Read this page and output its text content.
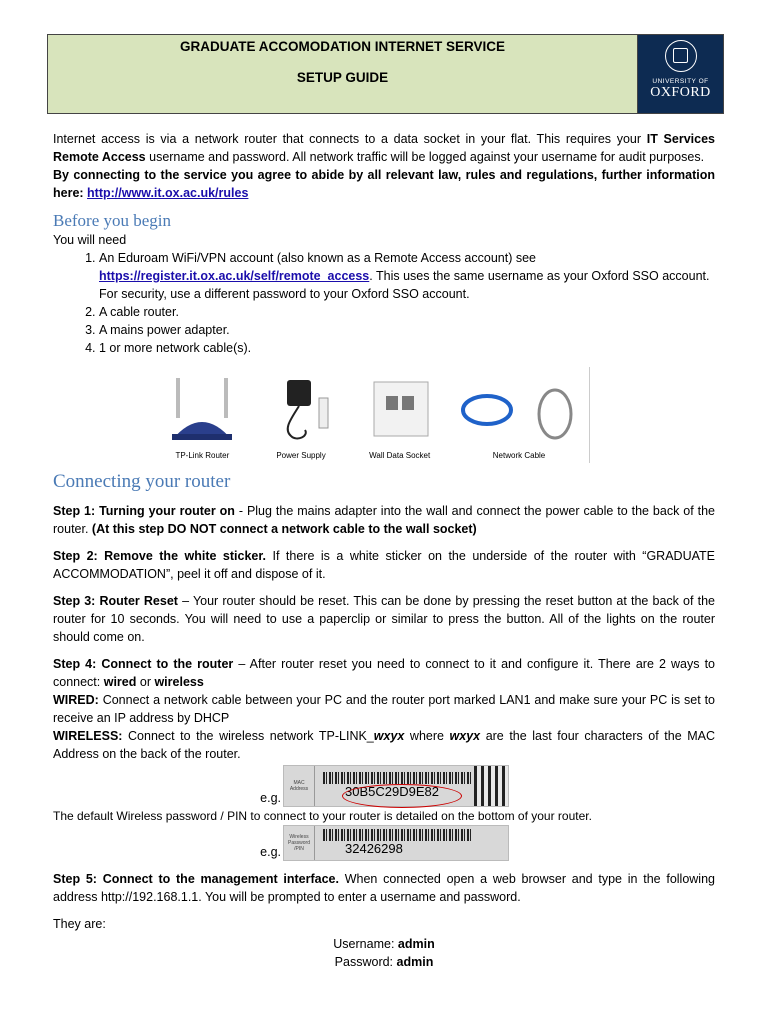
GRADUATE ACCOMODATION INTERNET SERVICE
SETUP GUIDE	UNIVERSITY OF
OXFORD

Internet access is via a network router that connects to a data socket in your flat. This requires your IT Services Remote Access username and password. All network traffic will be logged against your username for audit purposes.

By connecting to the service you agree to abide by all relevant law, rules and regulations, further information here: http://www.it.ox.ac.uk/rules

Before you begin

You will need

1. An Eduroam WiFi/VPN account (also known as a Remote Access account) see https://register.it.ox.ac.uk/self/remote_access. This uses the same username as your Oxford SSO account. For security, use a different password to your Oxford SSO account.
2. A cable router.
3. A mains power adapter.
4. 1 or more network cable(s).
TP-Link Router	Power Supply	Wall Data Socket	Network Cable
Connecting your router

Step 1: Turning your router on - Plug the mains adapter into the wall and connect the power cable to the back of the router. (At this step DO NOT connect a network cable to the wall socket)

Step 2: Remove the white sticker. If there is a white sticker on the underside of the router with “GRADUATE ACCOMMODATION”, peel it off and dispose of it.

Step 3: Router Reset – Your router should be reset. This can be done by pressing the reset button at the back of the router for 10 seconds. You will need to use a paperclip or similar to press the button. All of the lights on the router should come on.

Step 4: Connect to the router – After router reset you need to connect to it and configure it. There are 2 ways to connect: wired or wireless

WIRED: Connect a network cable between your PC and the router port marked LAN1 and make sure your PC is set to receive an IP address by DHCP

WIRELESS: Connect to the wireless network TP-LINK_wxyx where wxyx are the last four characters of the MAC Address on the back of the router.

e.g.
MAC Address	30B5C29D9E82

The default Wireless password / PIN to connect to your router is detailed on the bottom of your router.

e.g.
Wireless Password /PIN	32426298

Step 5: Connect to the management interface. When connected open a web browser and type in the following address http://192.168.1.1. You will be prompted to enter a username and password.

They are:

Username: admin

Password: admin
